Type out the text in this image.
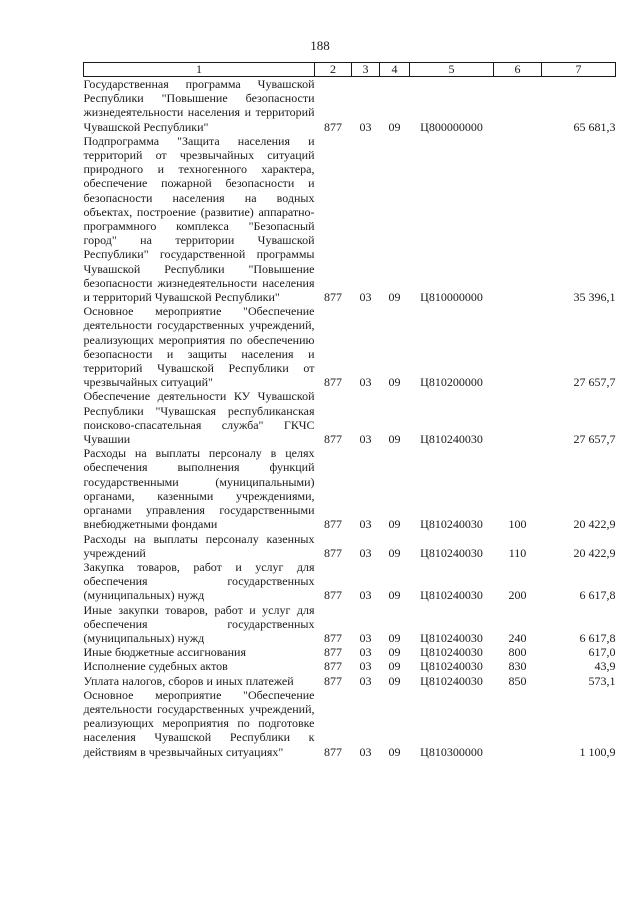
188
1	2	3	4	5	6	7
Государственная программа Чувашской Республики "Повышение безопасности жизнедеятельности населения и территорий Чувашской Республики"	877	03	09	Ц800000000		65 681,3
Подпрограмма "Защита населения и территорий от чрезвычайных ситуаций природного и техногенного характера, обеспечение пожарной безопасности и безопасности населения на водных объектах, построение (развитие) аппаратно-программного комплекса "Безопасный город" на территории Чувашской Республики" государственной программы Чувашской Республики "Повышение безопасности жизнедеятельности населения и территорий Чувашской Республики"	877	03	09	Ц810000000		35 396,1
Основное мероприятие "Обеспечение деятельности государственных учреждений, реализующих мероприятия по обеспечению безопасности и защиты населения и территорий Чувашской Республики от чрезвычайных ситуаций"	877	03	09	Ц810200000		27 657,7
Обеспечение деятельности КУ Чувашской Республики "Чувашская республиканская поисково-спасательная служба" ГКЧС Чувашии	877	03	09	Ц810240030		27 657,7
Расходы на выплаты персоналу в целях обеспечения выполнения функций государственными (муниципальными) органами, казенными учреждениями, органами управления государственными внебюджетными фондами	877	03	09	Ц810240030	100	20 422,9
Расходы на выплаты персоналу казенных учреждений	877	03	09	Ц810240030	110	20 422,9
Закупка товаров, работ и услуг для обеспечения государственных (муниципальных) нужд	877	03	09	Ц810240030	200	6 617,8
Иные закупки товаров, работ и услуг для обеспечения государственных (муниципальных) нужд	877	03	09	Ц810240030	240	6 617,8
Иные бюджетные ассигнования	877	03	09	Ц810240030	800	617,0
Исполнение судебных актов	877	03	09	Ц810240030	830	43,9
Уплата налогов, сборов и иных платежей	877	03	09	Ц810240030	850	573,1
Основное мероприятие "Обеспечение деятельности государственных учреждений, реализующих мероприятия по подготовке населения Чувашской Республики к действиям в чрезвычайных ситуациях"	877	03	09	Ц810300000		1 100,9
